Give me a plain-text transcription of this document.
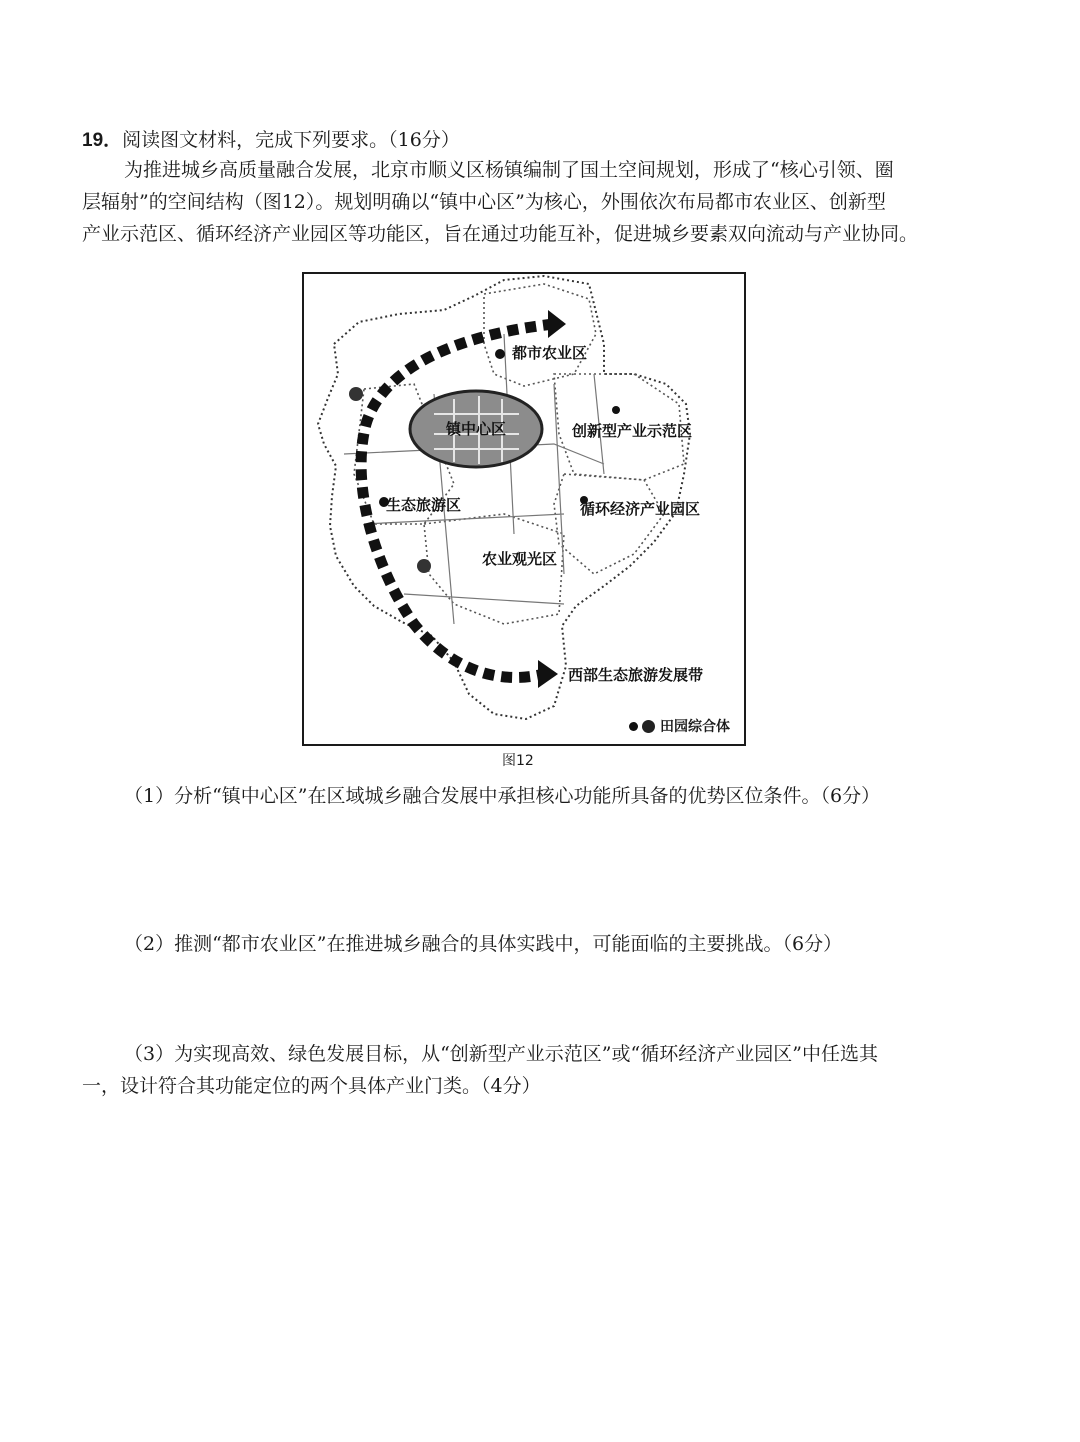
19．阅读图文材料，完成下列要求。（16分）
为推进城乡高质量融合发展，北京市顺义区杨镇编制了国土空间规划，形成了“核心引领、圈
层辐射”的空间结构（图12）。规划明确以“镇中心区”为核心，外围依次布局都市农业区、创新型
产业示范区、循环经济产业园区等功能区，旨在通过功能互补，促进城乡要素双向流动与产业协同。
都市农业区
镇中心区	创新型产业示范区
生态旅游区	循环经济产业园区
农业观光区
西部生态旅游发展带
田园综合体
图12
（1）分析“镇中心区”在区域城乡融合发展中承担核心功能所具备的优势区位条件。（6分）
（2）推测“都市农业区”在推进城乡融合的具体实践中，可能面临的主要挑战。（6分）
（3）为实现高效、绿色发展目标，从“创新型产业示范区”或“循环经济产业园区”中任选其
一，设计符合其功能定位的两个具体产业门类。（4分）
